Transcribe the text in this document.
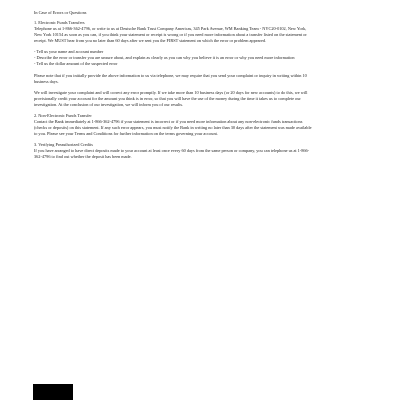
In Case of Errors or Questions

1. Electronic Funds Transfers

Telephone us at 1-866-362-4796, or write to us at Deutsche Bank Trust Company Americas, 345 Park Avenue, WM Banking Team - NYC20-0102, New York, New York 10154 as soon as you can, if you think your statement or receipt is wrong or if you need more information about a transfer listed on the statement or receipt. We MUST hear from you no later than 60 days after we sent you the FIRST statement on which the error or problem appeared.

- Tell us your name and account number
- Describe the error or transfer you are unsure about, and explain as clearly as you can why you believe it is an error or why you need more information
- Tell us the dollar amount of the suspected error

Please note that if you initially provide the above information to us via telephone, we may require that you send your complaint or inquiry in writing within 10 business days.

We will investigate your complaint and will correct any error promptly. If we take more than 10 business days (or 20 days for new accounts) to do this, we will provisionally credit your account for the amount you think is in error, so that you will have the use of the money during the time it takes us to complete our investigation. At the conclusion of our investigation, we will inform you of our results.

2. Non-Electronic Funds Transfer

Contact the Bank immediately at 1-866-362-4796 if your statement is incorrect or if you need more information about any non-electronic funds transactions (checks or deposits) on this statement. If any such error appears, you must notify the Bank in writing no later than 30 days after the statement was made available to you. Please see your Terms and Conditions for further information on the terms governing your account.

3. Verifying Preauthorized Credits

If you have arranged to have direct deposits made to your account at least once every 60 days from the same person or company, you can telephone us at 1-866-362-4796 to find out whether the deposit has been made.
